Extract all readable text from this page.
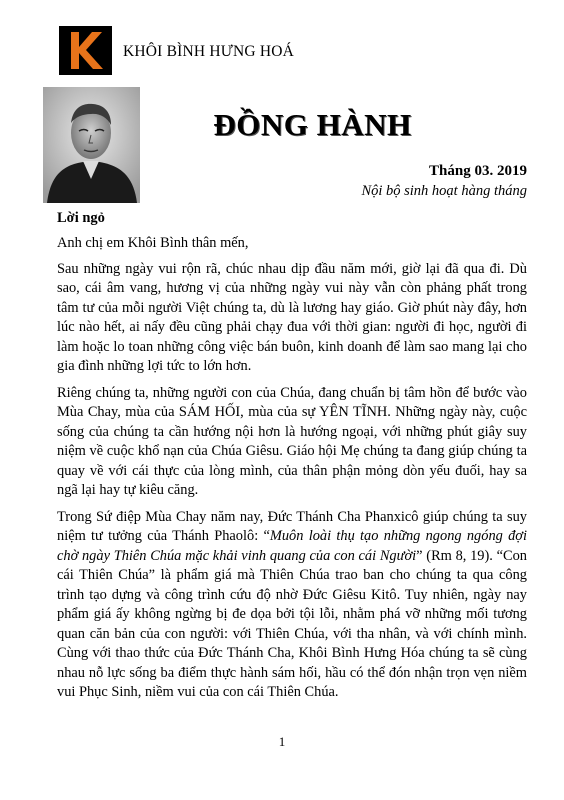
KHÔI BÌNH HƯNG HOÁ
ĐỒNG HÀNH
Tháng 03. 2019
Nội bộ sinh hoạt hàng tháng
Lời ngỏ

Anh chị em Khôi Bình thân mến,

Sau những ngày vui rộn rã, chúc nhau dịp đầu năm mới, giờ lại đã qua đi. Dù sao, cái âm vang, hương vị của những ngày vui này vẫn còn phảng phất trong tâm tư của mỗi người Việt chúng ta, dù là lương hay giáo. Giờ phút này đây, hơn lúc nào hết, ai nấy đều cũng phải chạy đua với thời gian: người đi học, người đi làm hoặc lo toan những công việc bán buôn, kinh doanh để làm sao mang lại cho gia đình những lợi tức to lớn hơn.

Riêng chúng ta, những người con của Chúa, đang chuẩn bị tâm hồn để bước vào Mùa Chay, mùa của SÁM HỐI, mùa của sự YÊN TĨNH. Những ngày này, cuộc sống của chúng ta cần hướng nội hơn là hướng ngoại, với những phút giây suy niệm về cuộc khổ nạn của Chúa Giêsu. Giáo hội Mẹ chúng ta đang giúp chúng ta quay về với cái thực của lòng mình, của thân phận mỏng dòn yếu đuối, hay sa ngã lại hay tự kiêu căng.

Trong Sứ điệp Mùa Chay năm nay, Đức Thánh Cha Phanxicô giúp chúng ta suy niệm tư tưởng của Thánh Phaolô: “Muôn loài thụ tạo những ngong ngóng đợi chờ ngày Thiên Chúa mặc khải vinh quang của con cái Người” (Rm 8, 19). “Con cái Thiên Chúa” là phẩm giá mà Thiên Chúa trao ban cho chúng ta qua công trình tạo dựng và công trình cứu độ nhờ Đức Giêsu Kitô. Tuy nhiên, ngày nay phẩm giá ấy không ngừng bị đe dọa bởi tội lỗi, nhằm phá vỡ những mối tương quan căn bản của con người: với Thiên Chúa, với tha nhân, và với chính mình. Cùng với thao thức của Đức Thánh Cha, Khôi Bình Hưng Hóa chúng ta sẽ cùng nhau nỗ lực sống ba điểm thực hành sám hối, hầu có thể đón nhận trọn vẹn niềm vui Phục Sinh, niềm vui của con cái Thiên Chúa.

1
